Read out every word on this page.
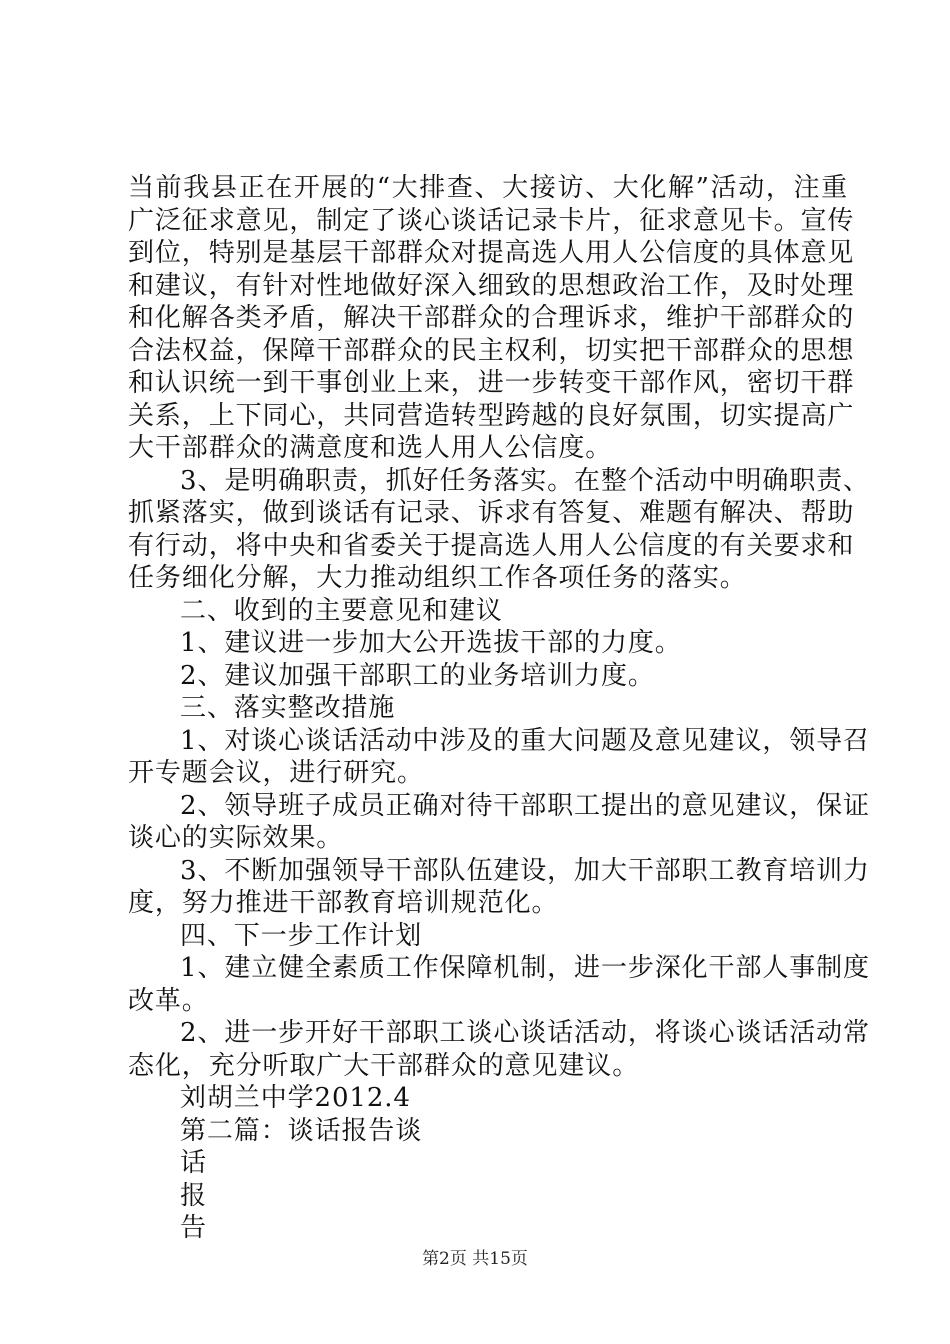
当前我县正在开展的“大排查、大接访、大化解”活动，注重
广泛征求意见，制定了谈心谈话记录卡片，征求意见卡。宣传
到位，特别是基层干部群众对提高选人用人公信度的具体意见
和建议，有针对性地做好深入细致的思想政治工作，及时处理
和化解各类矛盾，解决干部群众的合理诉求，维护干部群众的
合法权益，保障干部群众的民主权利，切实把干部群众的思想
和认识统一到干事创业上来，进一步转变干部作风，密切干群
关系，上下同心，共同营造转型跨越的良好氛围，切实提高广
大干部群众的满意度和选人用人公信度。
3、是明确职责，抓好任务落实。在整个活动中明确职责、
抓紧落实，做到谈话有记录、诉求有答复、难题有解决、帮助
有行动，将中央和省委关于提高选人用人公信度的有关要求和
任务细化分解，大力推动组织工作各项任务的落实。
二、收到的主要意见和建议
1、建议进一步加大公开选拔干部的力度。
2、建议加强干部职工的业务培训力度。
三、落实整改措施
1、对谈心谈话活动中涉及的重大问题及意见建议，领导召
开专题会议，进行研究。
2、领导班子成员正确对待干部职工提出的意见建议，保证
谈心的实际效果。
3、不断加强领导干部队伍建设，加大干部职工教育培训力
度，努力推进干部教育培训规范化。
四、下一步工作计划
1、建立健全素质工作保障机制，进一步深化干部人事制度
改革。
2、进一步开好干部职工谈心谈话活动，将谈心谈话活动常
态化，充分听取广大干部群众的意见建议。
刘胡兰中学2012.4
第二篇：谈话报告谈
话
报
告
第2页 共15页
